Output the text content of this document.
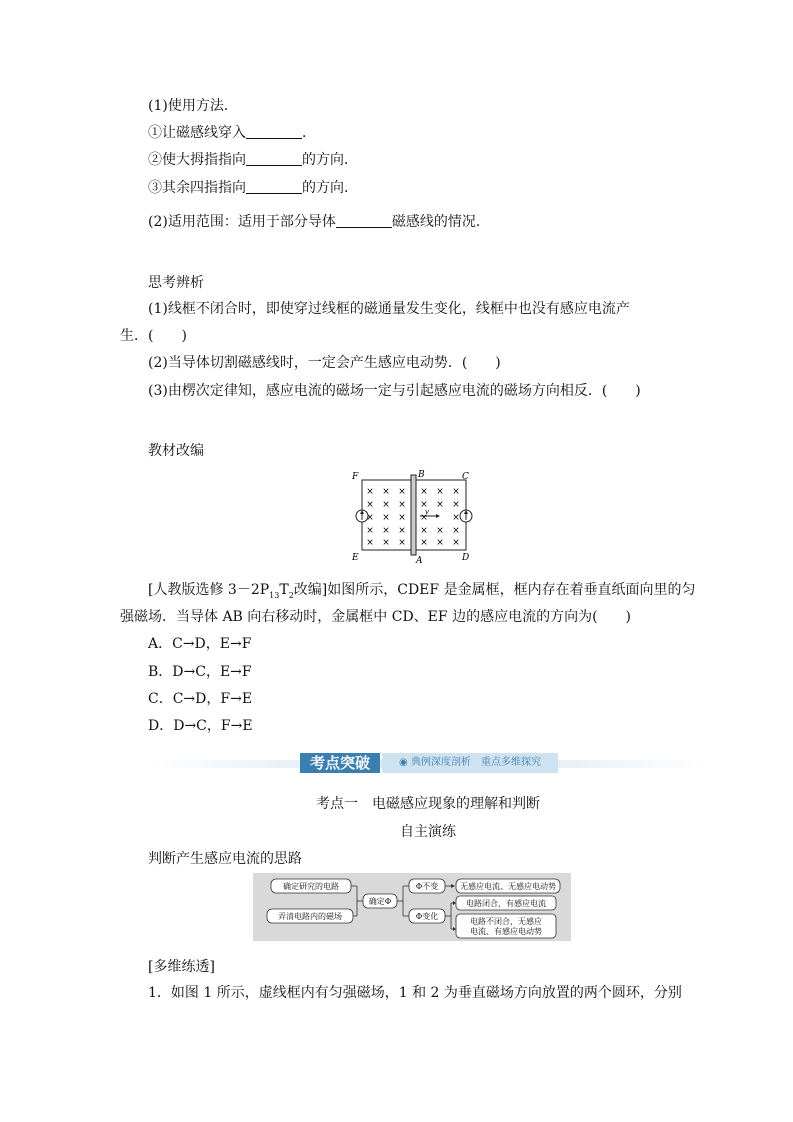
(1)使用方法．
①让磁感线穿入	．
②使大拇指指向	的方向．
③其余四指指向	的方向．
(2)适用范围：适用于部分导体	磁感线的情况．
思考辨析
(1)线框不闭合时，即使穿过线框的磁通量发生变化，线框中也没有感应电流产
生．(　　)
(2)当导体切割磁感线时，一定会产生感应电动势．(　　)
(3)由楞次定律知，感应电流的磁场一定与引起感应电流的磁场方向相反．(　　)
教材改编
F	B	C
E	A	D
v
× × × × × ×
× × × × × ×
× × × ×	×
× × × × × ×
× × × × × ×
[人教版选修 $3-2P_{13}T_2$改编]如图所示，CDEF 是金属框，框内存在着垂直纸面向里的匀
强磁场．当导体 AB 向右移动时，金属框中 CD、EF 边的感应电流的方向为(　　)
A．C→D，E→F
B．D→C，E→F
C．C→D，F→E
D．D→C，F→E
考点突破	◉ 典例深度剖析　重点多维探究
考点一　电磁感应现象的理解和判断
自主演练
判断产生感应电流的思路
确定研究的电路
弄清电路内的磁场
确定Φ
Φ不变
Φ变化
无感应电流、无感应电动势
电路闭合，有感应电流
电路不闭合，无感应
电流、有感应电动势
[多维练透]
1．如图 1 所示，虚线框内有匀强磁场，1 和 2 为垂直磁场方向放置的两个圆环，分别
